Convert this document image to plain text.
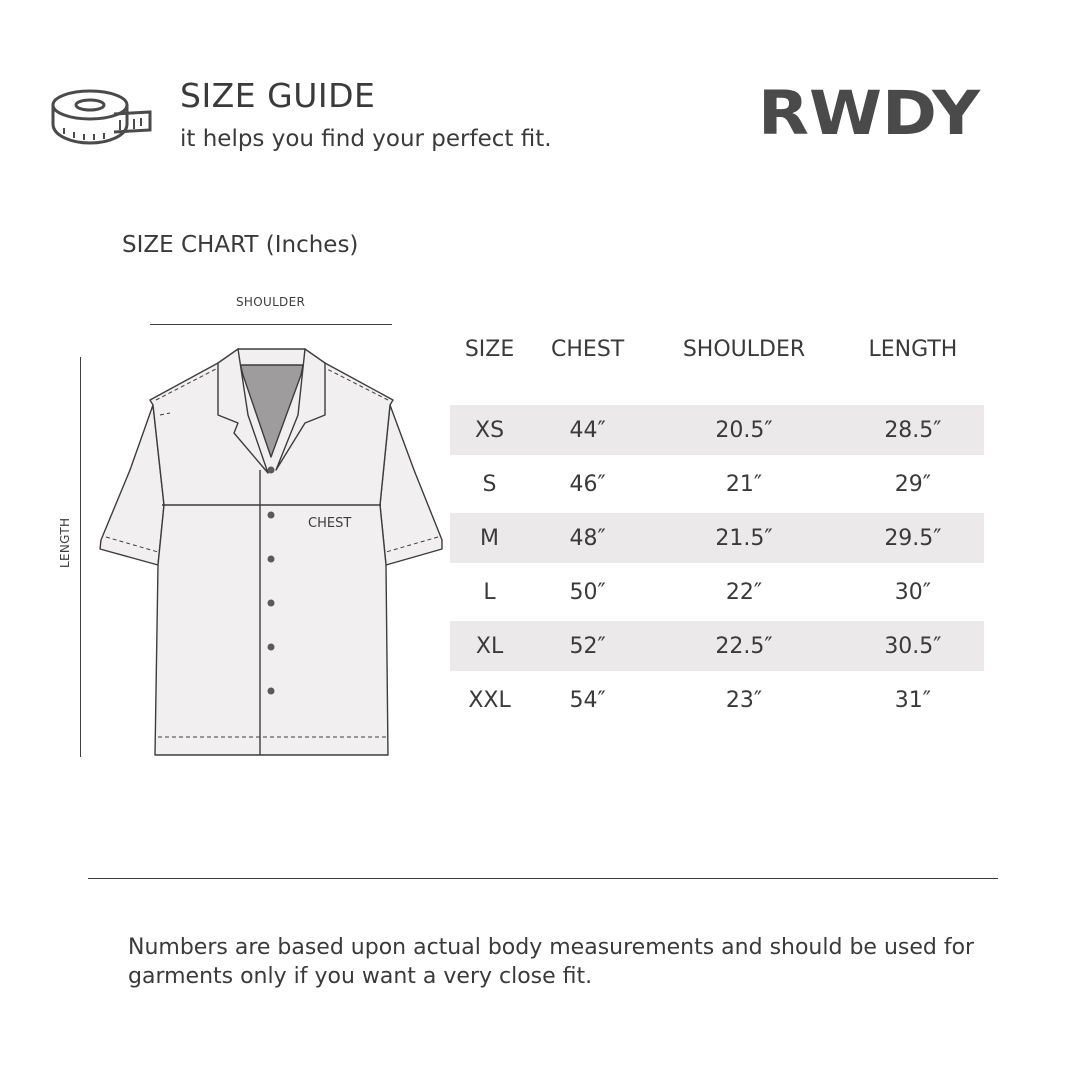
SIZE GUIDE
it helps you find your perfect fit.	RWDY
SIZE CHART (Inches)
SHOULDER
LENGTH	CHEST
SIZE	CHEST	SHOULDER	LENGTH

XS	44″	20.5″	28.5″
S	46″	21″	29″
M	48″	21.5″	29.5″
L	50″	22″	30″
XL	52″	22.5″	30.5″
XXL	54″	23″	31″
Numbers are based upon actual body measurements and should be used for garments only if you want a very close fit.
